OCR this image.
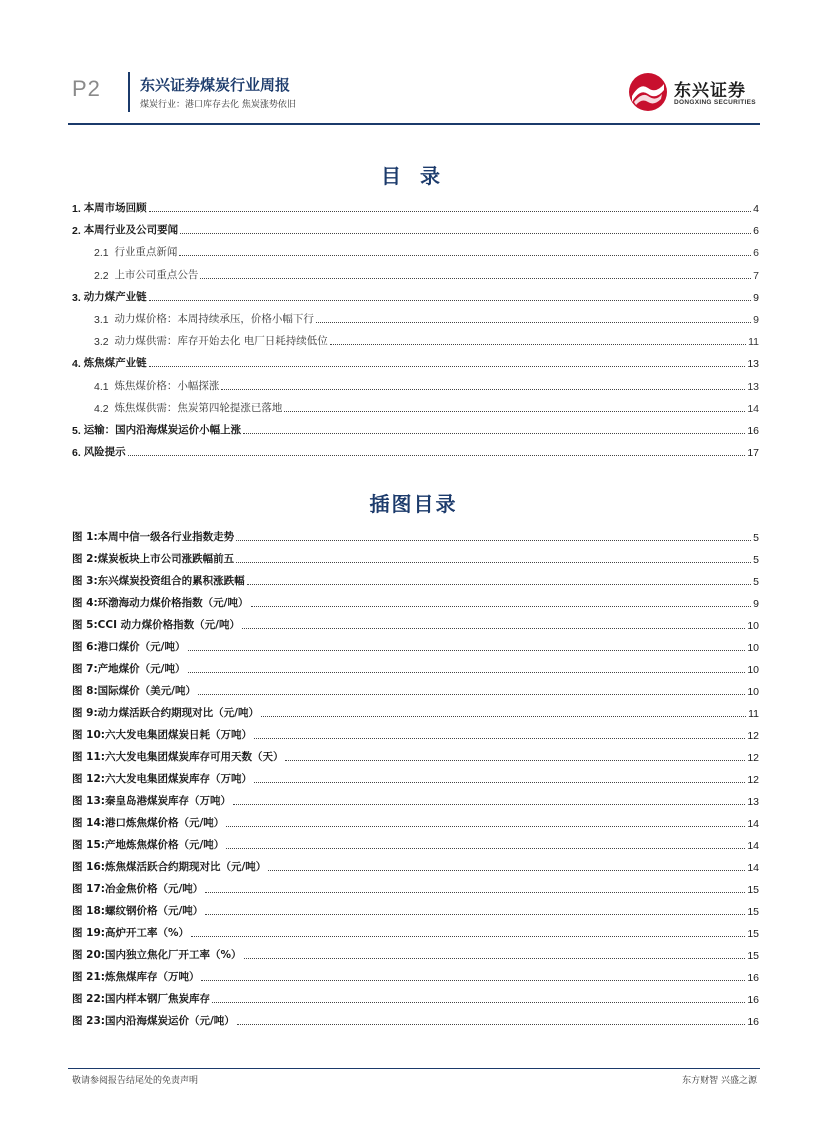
P2	东兴证券煤炭行业周报
煤炭行业：港口库存去化 焦炭涨势依旧
东兴证券
DONGXING SECURITIES
目 录
1. 本周市场回顾	4
2. 本周行业及公司要闻	6
2.1 行业重点新闻	6
2.2 上市公司重点公告	7
3. 动力煤产业链	9
3.1 动力煤价格：本周持续承压，价格小幅下行	9
3.2 动力煤供需：库存开始去化 电厂日耗持续低位	11
4. 炼焦煤产业链	13
4.1 炼焦煤价格：小幅探涨	13
4.2 炼焦煤供需：焦炭第四轮提涨已落地	14
5. 运输：国内沿海煤炭运价小幅上涨	16
6. 风险提示	17
插图目录
图 1:本周中信一级各行业指数走势	5
图 2:煤炭板块上市公司涨跌幅前五	5
图 3:东兴煤炭投资组合的累积涨跌幅	5
图 4:环渤海动力煤价格指数（元/吨）	9
图 5:CCI 动力煤价格指数（元/吨）	10
图 6:港口煤价（元/吨）	10
图 7:产地煤价（元/吨）	10
图 8:国际煤价（美元/吨）	10
图 9:动力煤活跃合约期现对比（元/吨）	11
图 10:六大发电集团煤炭日耗（万吨）	12
图 11:六大发电集团煤炭库存可用天数（天）	12
图 12:六大发电集团煤炭库存（万吨）	12
图 13:秦皇岛港煤炭库存（万吨）	13
图 14:港口炼焦煤价格（元/吨）	14
图 15:产地炼焦煤价格（元/吨）	14
图 16:炼焦煤活跃合约期现对比（元/吨）	14
图 17:冶金焦价格（元/吨）	15
图 18:螺纹钢价格（元/吨）	15
图 19:高炉开工率（%）	15
图 20:国内独立焦化厂开工率（%）	15
图 21:炼焦煤库存（万吨）	16
图 22:国内样本钢厂焦炭库存	16
图 23:国内沿海煤炭运价（元/吨）	16
敬请参阅报告结尾处的免责声明	东方财智 兴盛之源
